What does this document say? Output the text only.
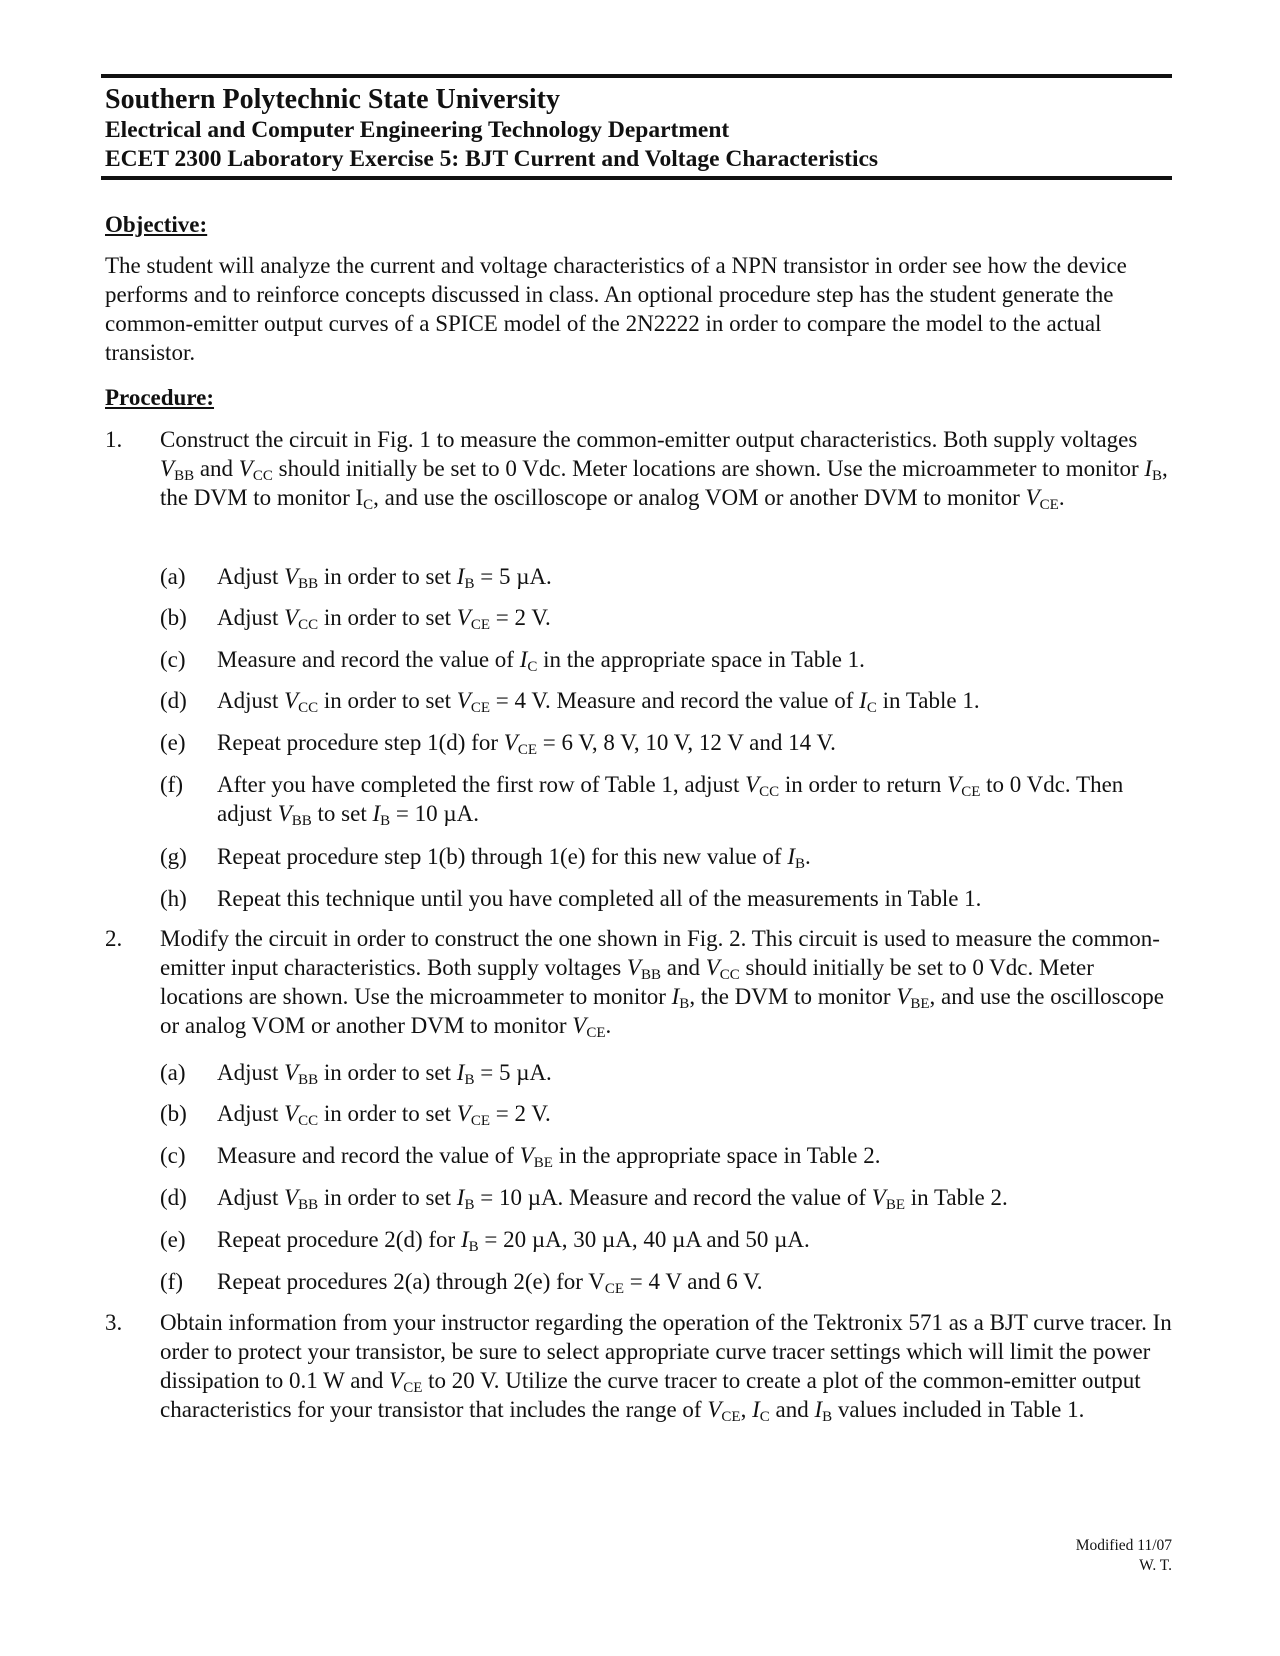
Southern Polytechnic State University
Electrical and Computer Engineering Technology Department
ECET 2300 Laboratory Exercise 5: BJT Current and Voltage Characteristics
Objective:
The student will analyze the current and voltage characteristics of a NPN transistor in order see how the device performs and to reinforce concepts discussed in class. An optional procedure step has the student generate the common-emitter output curves of a SPICE model of the 2N2222 in order to compare the model to the actual transistor.
Procedure:
1. Construct the circuit in Fig. 1 to measure the common-emitter output characteristics. Both supply voltages $V_{BB}$ and $V_{CC}$ should initially be set to 0 Vdc. Meter locations are shown. Use the microammeter to monitor $I_B$, the DVM to monitor $I_C$, and use the oscilloscope or analog VOM or another DVM to monitor $V_{CE}$.
(a) Adjust $V_{BB}$ in order to set $I_B = 5$ µA.
(b) Adjust $V_{CC}$ in order to set $V_{CE} = 2$ V.
(c) Measure and record the value of $I_C$ in the appropriate space in Table 1.
(d) Adjust $V_{CC}$ in order to set $V_{CE} = 4$ V. Measure and record the value of $I_C$ in Table 1.
(e) Repeat procedure step 1(d) for $V_{CE} = 6$ V, 8 V, 10 V, 12 V and 14 V.
(f) After you have completed the first row of Table 1, adjust $V_{CC}$ in order to return $V_{CE}$ to 0 Vdc. Then adjust $V_{BB}$ to set $I_B = 10$ µA.
(g) Repeat procedure step 1(b) through 1(e) for this new value of $I_B$.
(h) Repeat this technique until you have completed all of the measurements in Table 1.
2. Modify the circuit in order to construct the one shown in Fig. 2. This circuit is used to measure the common-emitter input characteristics. Both supply voltages $V_{BB}$ and $V_{CC}$ should initially be set to 0 Vdc. Meter locations are shown. Use the microammeter to monitor $I_B$, the DVM to monitor $V_{BE}$, and use the oscilloscope or analog VOM or another DVM to monitor $V_{CE}$.
(a) Adjust $V_{BB}$ in order to set $I_B = 5$ µA.
(b) Adjust $V_{CC}$ in order to set $V_{CE} = 2$ V.
(c) Measure and record the value of $V_{BE}$ in the appropriate space in Table 2.
(d) Adjust $V_{BB}$ in order to set $I_B = 10$ µA. Measure and record the value of $V_{BE}$ in Table 2.
(e) Repeat procedure 2(d) for $I_B = 20$ µA, 30 µA, 40 µA and 50 µA.
(f) Repeat procedures 2(a) through 2(e) for $V_{CE} = 4$ V and 6 V.
3. Obtain information from your instructor regarding the operation of the Tektronix 571 as a BJT curve tracer. In order to protect your transistor, be sure to select appropriate curve tracer settings which will limit the power dissipation to 0.1 W and $V_{CE}$ to 20 V. Utilize the curve tracer to create a plot of the common-emitter output characteristics for your transistor that includes the range of $V_{CE}$, $I_C$ and $I_B$ values included in Table 1.
Modified 11/07
W. T.
